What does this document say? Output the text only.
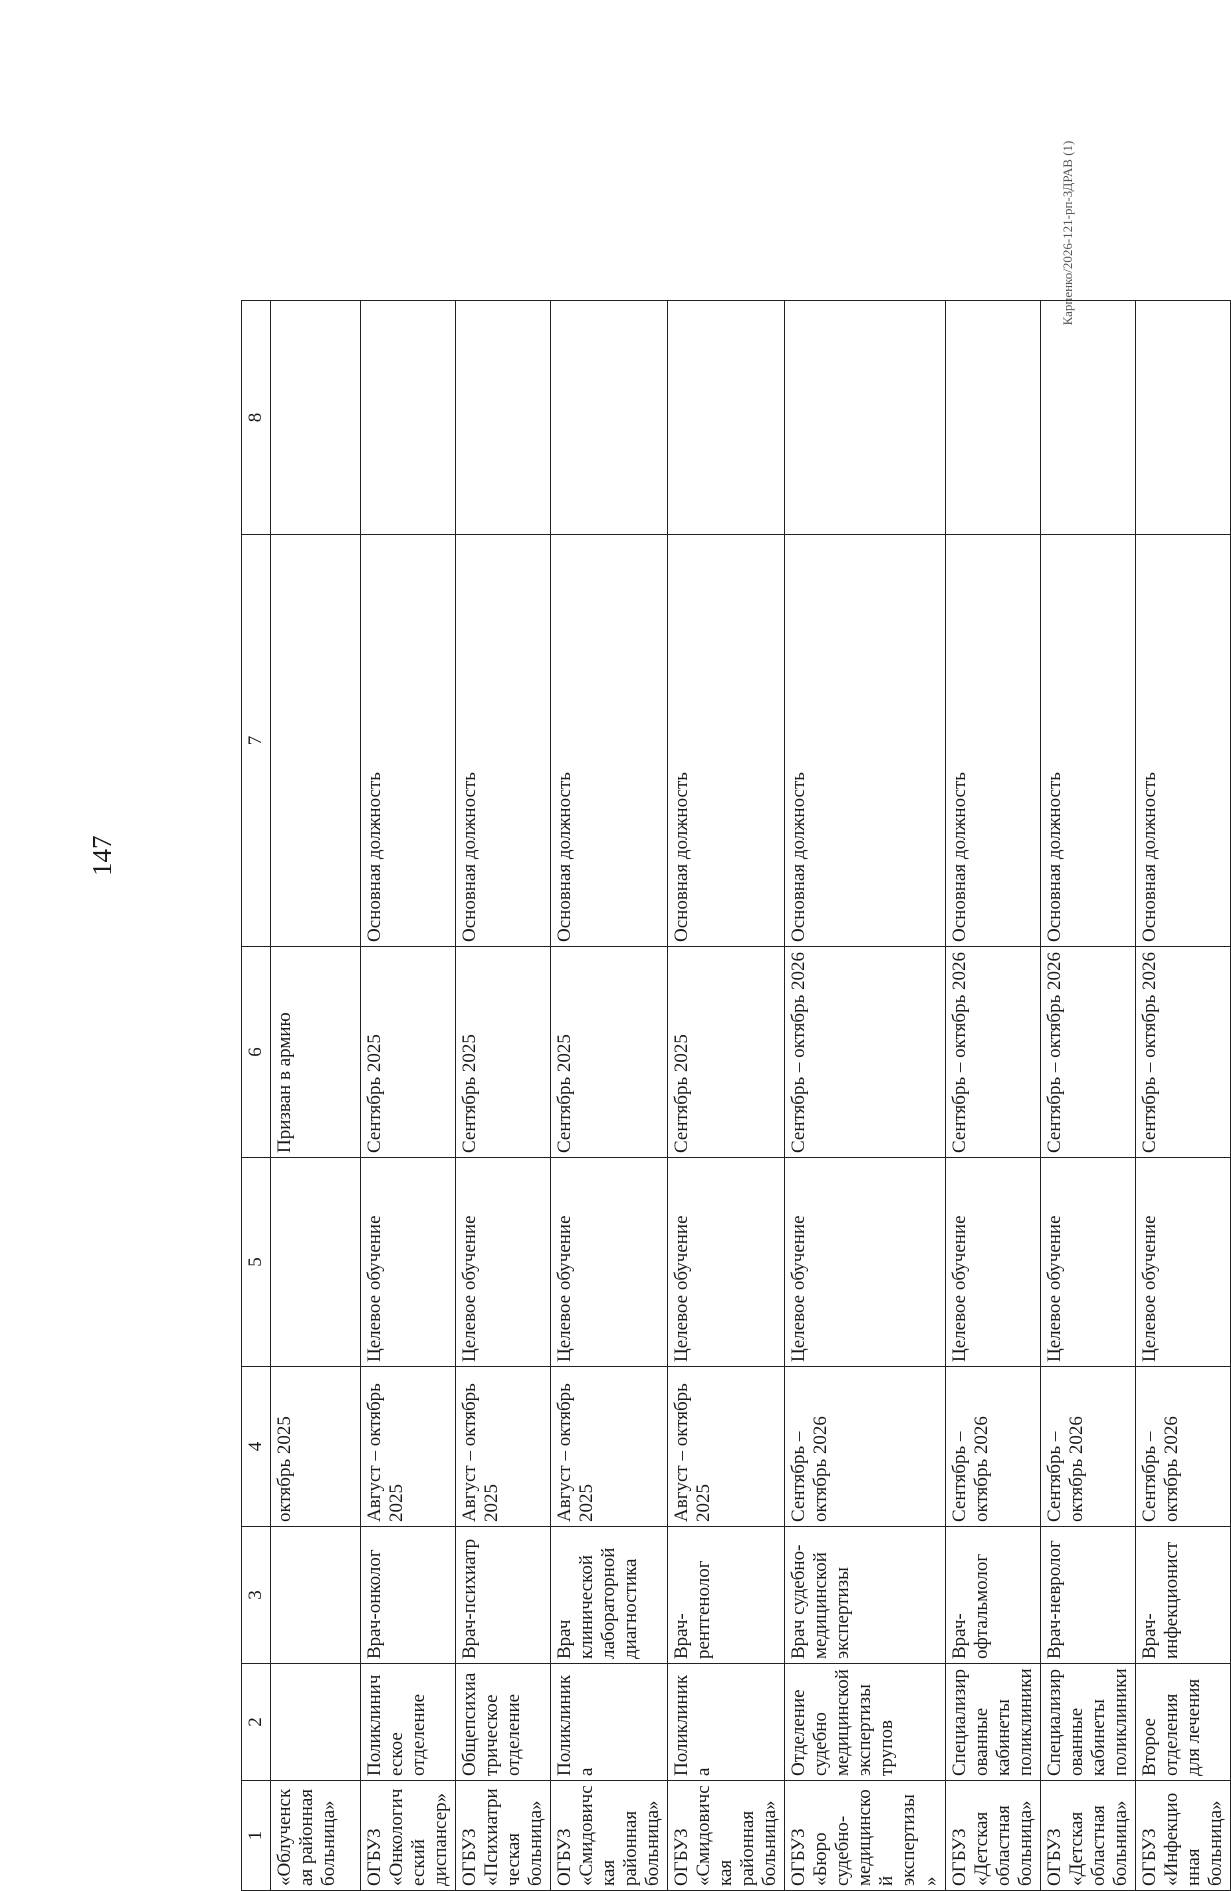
147
Карпенко/2026-121-рп-ЗДРАВ (1)
1	2	3	4	5	6	7	8
«Облученская районная больница»			октябрь 2025		Призван в армию		
ОГБУЗ «Онкологический диспансер»	Поликлиническое отделение	Врач-онколог	Август – октябрь 2025	Целевое обучение	Сентябрь 2025	Основная должность	
ОГБУЗ «Психиатрическая больница»	Общепсихиатрическое отделение	Врач-психиатр	Август – октябрь 2025	Целевое обучение	Сентябрь 2025	Основная должность	
ОГБУЗ «Смидовичская районная больница»	Поликлиника	Врач клинической лабораторной диагностика	Август – октябрь 2025	Целевое обучение	Сентябрь 2025	Основная должность	
ОГБУЗ «Смидовичская районная больница»	Поликлиника	Врач-рентгенолог	Август – октябрь 2025	Целевое обучение	Сентябрь 2025	Основная должность	
ОГБУЗ «Бюро судебно-медицинской экспертизы»	Отделение судебно медицинской экспертизы трупов	Врач судебно-медицинской экспертизы	Сентябрь – октябрь 2026	Целевое обучение	Сентябрь – октябрь 2026	Основная должность	
ОГБУЗ «Детская областная больница»	Специализированные кабинеты поликлиники	Врач-офтальмолог	Сентябрь – октябрь 2026	Целевое обучение	Сентябрь – октябрь 2026	Основная должность	
ОГБУЗ «Детская областная больница»	Специализированные кабинеты поликлиники	Врач-невролог	Сентябрь – октябрь 2026	Целевое обучение	Сентябрь – октябрь 2026	Основная должность	
ОГБУЗ «Инфекционная больница»	Второе отделения для лечения	Врач-инфекционист	Сентябрь – октябрь 2026	Целевое обучение	Сентябрь – октябрь 2026	Основная должность	
